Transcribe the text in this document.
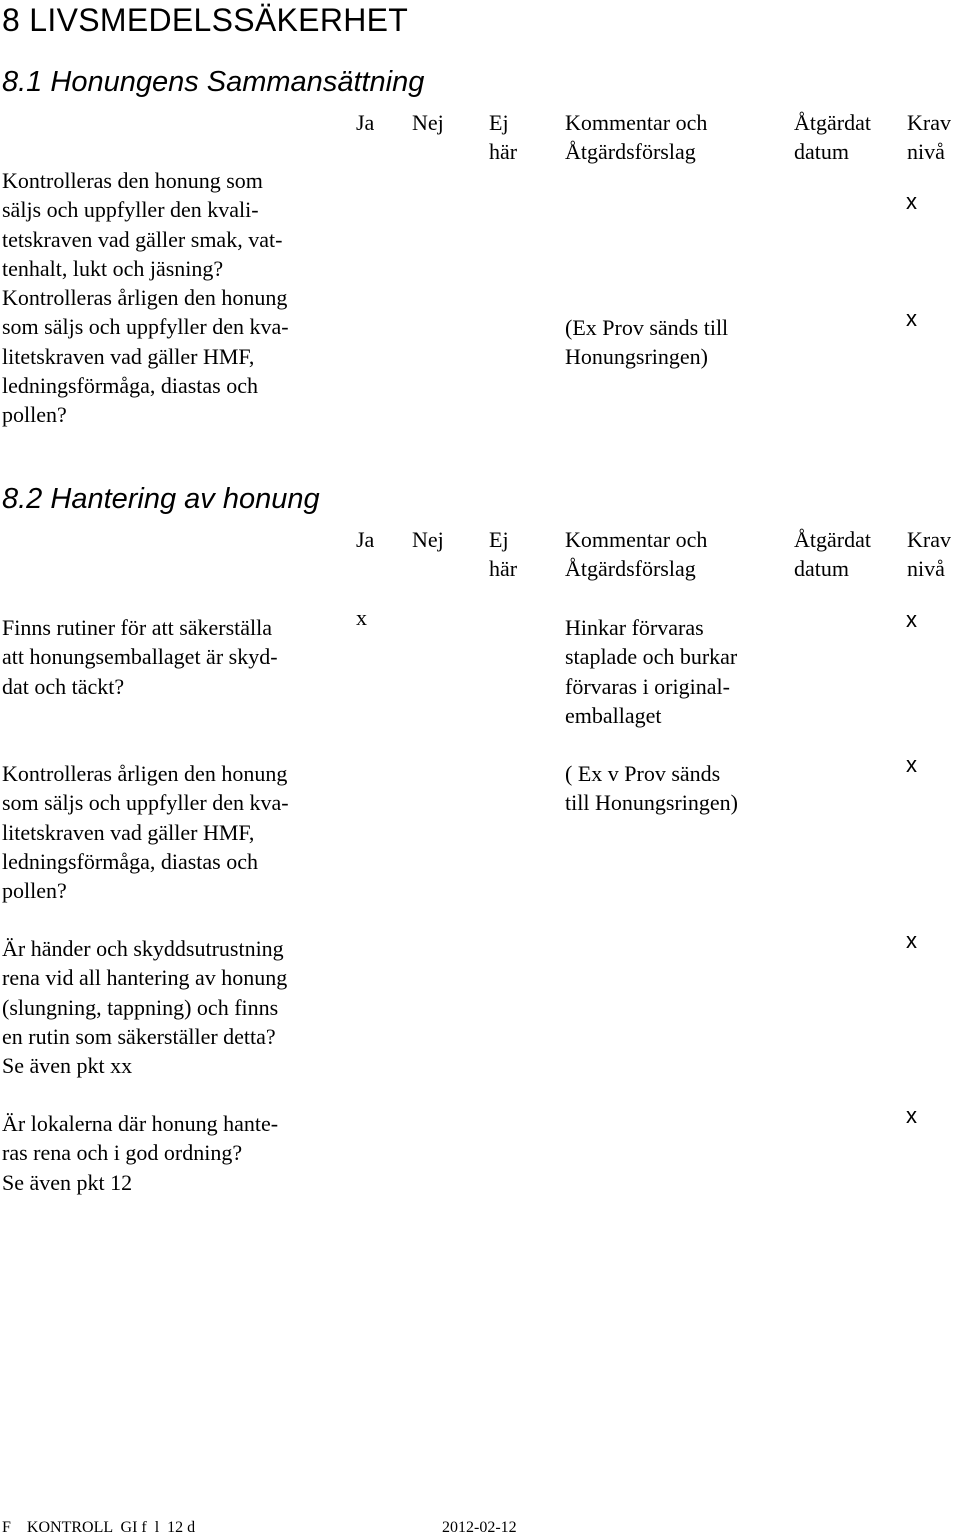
8 LIVSMEDELSSÄKERHET
8.1 Honungens Sammansättning
Ja Nej Ej
här
Kommentar och
Åtgärdsförslag
Åtgärdat
datum
Krav
nivå
Kontrolleras den honung som
säljs och uppfyller den kvali-
tetskraven vad gäller smak, vat-
tenhalt, lukt och jäsning?
x
Kontrolleras årligen den honung
som säljs och uppfyller den kva-
litetskraven vad gäller HMF,
ledningsförmåga, diastas och
pollen?
(Ex Prov sänds till
Honungsringen)
x
8.2 Hantering av honung
Ja Nej Ej
här
Kommentar och
Åtgärdsförslag
Åtgärdat
datum
Krav
nivå
Finns rutiner för att säkerställa
att honungsemballaget är skyd-
dat och täckt?
x	Hinkar förvaras
staplade och burkar
förvaras i original-
emballaget
x
Kontrolleras årligen den honung
som säljs och uppfyller den kva-
litetskraven vad gäller HMF,
ledningsförmåga, diastas och
pollen?
( Ex v Prov sänds
till Honungsringen)
x
Är händer och skyddsutrustning
rena vid all hantering av honung
(slungning, tappning) och finns
en rutin som säkerställer detta?
Se även pkt xx
x
Är lokalerna där honung hante-
ras rena och i god ordning?
Se även pkt 12
x
F    KONTROLL  GI f  l  12 d	2012-02-12
